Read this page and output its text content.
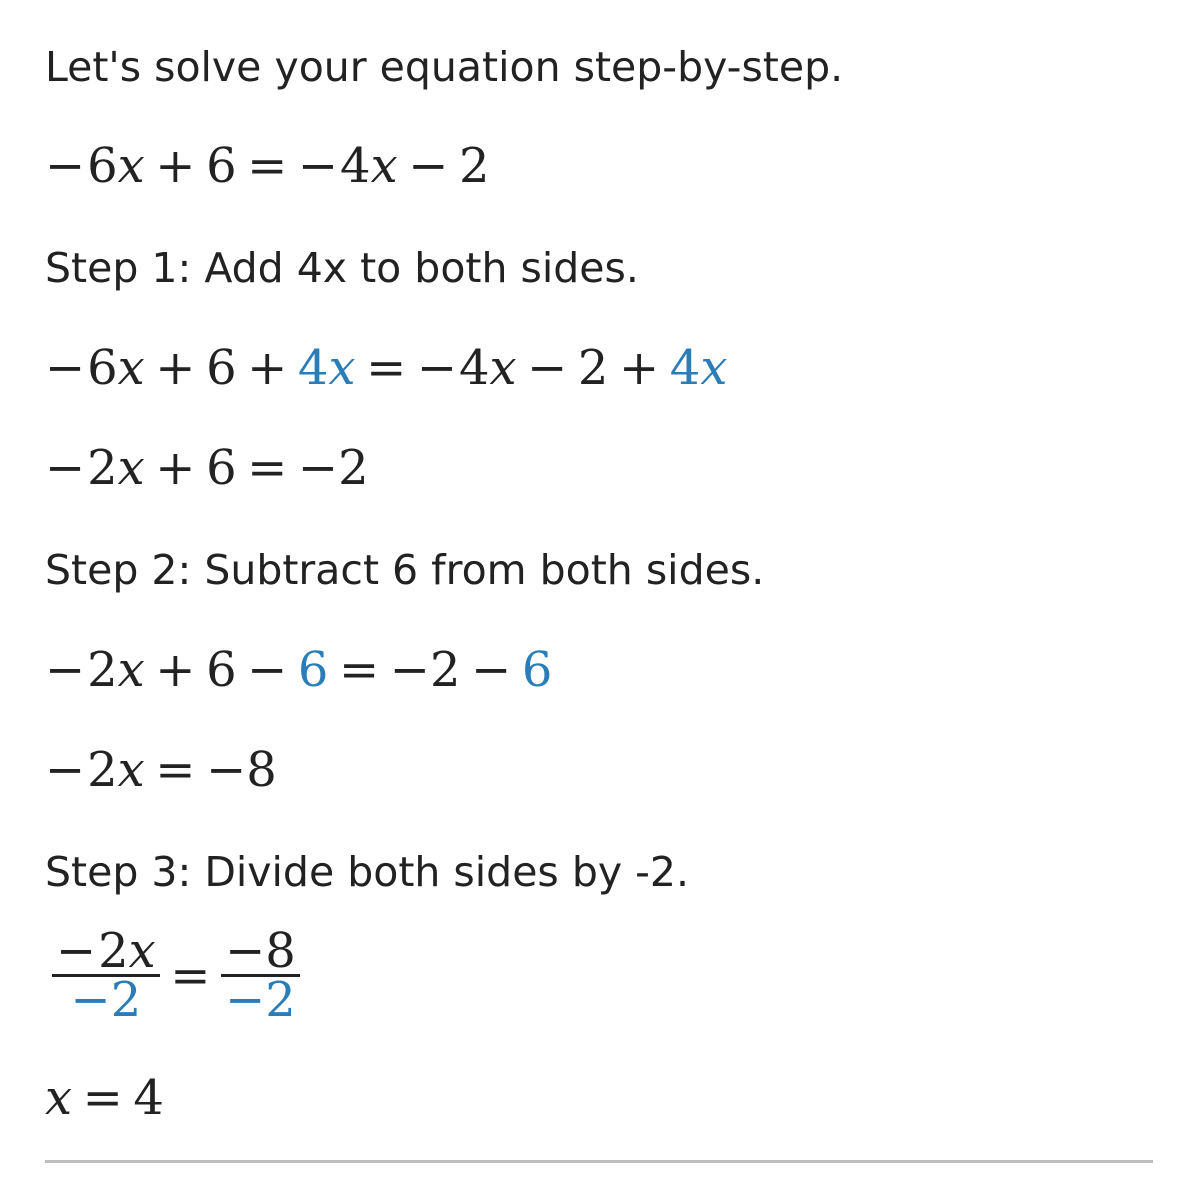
Let's solve your equation step-by-step.
−6x + 6 = −4x − 2
Step 1: Add 4x to both sides.
−6x + 6 + 4x = −4x − 2 + 4x
−2x + 6 = −2
Step 2: Subtract 6 from both sides.
−2x + 6 − 6 = −2 − 6
−2x = −8
Step 3: Divide both sides by -2.
$\frac{-2x}{-2} = \frac{-8}{-2}$
x = 4
